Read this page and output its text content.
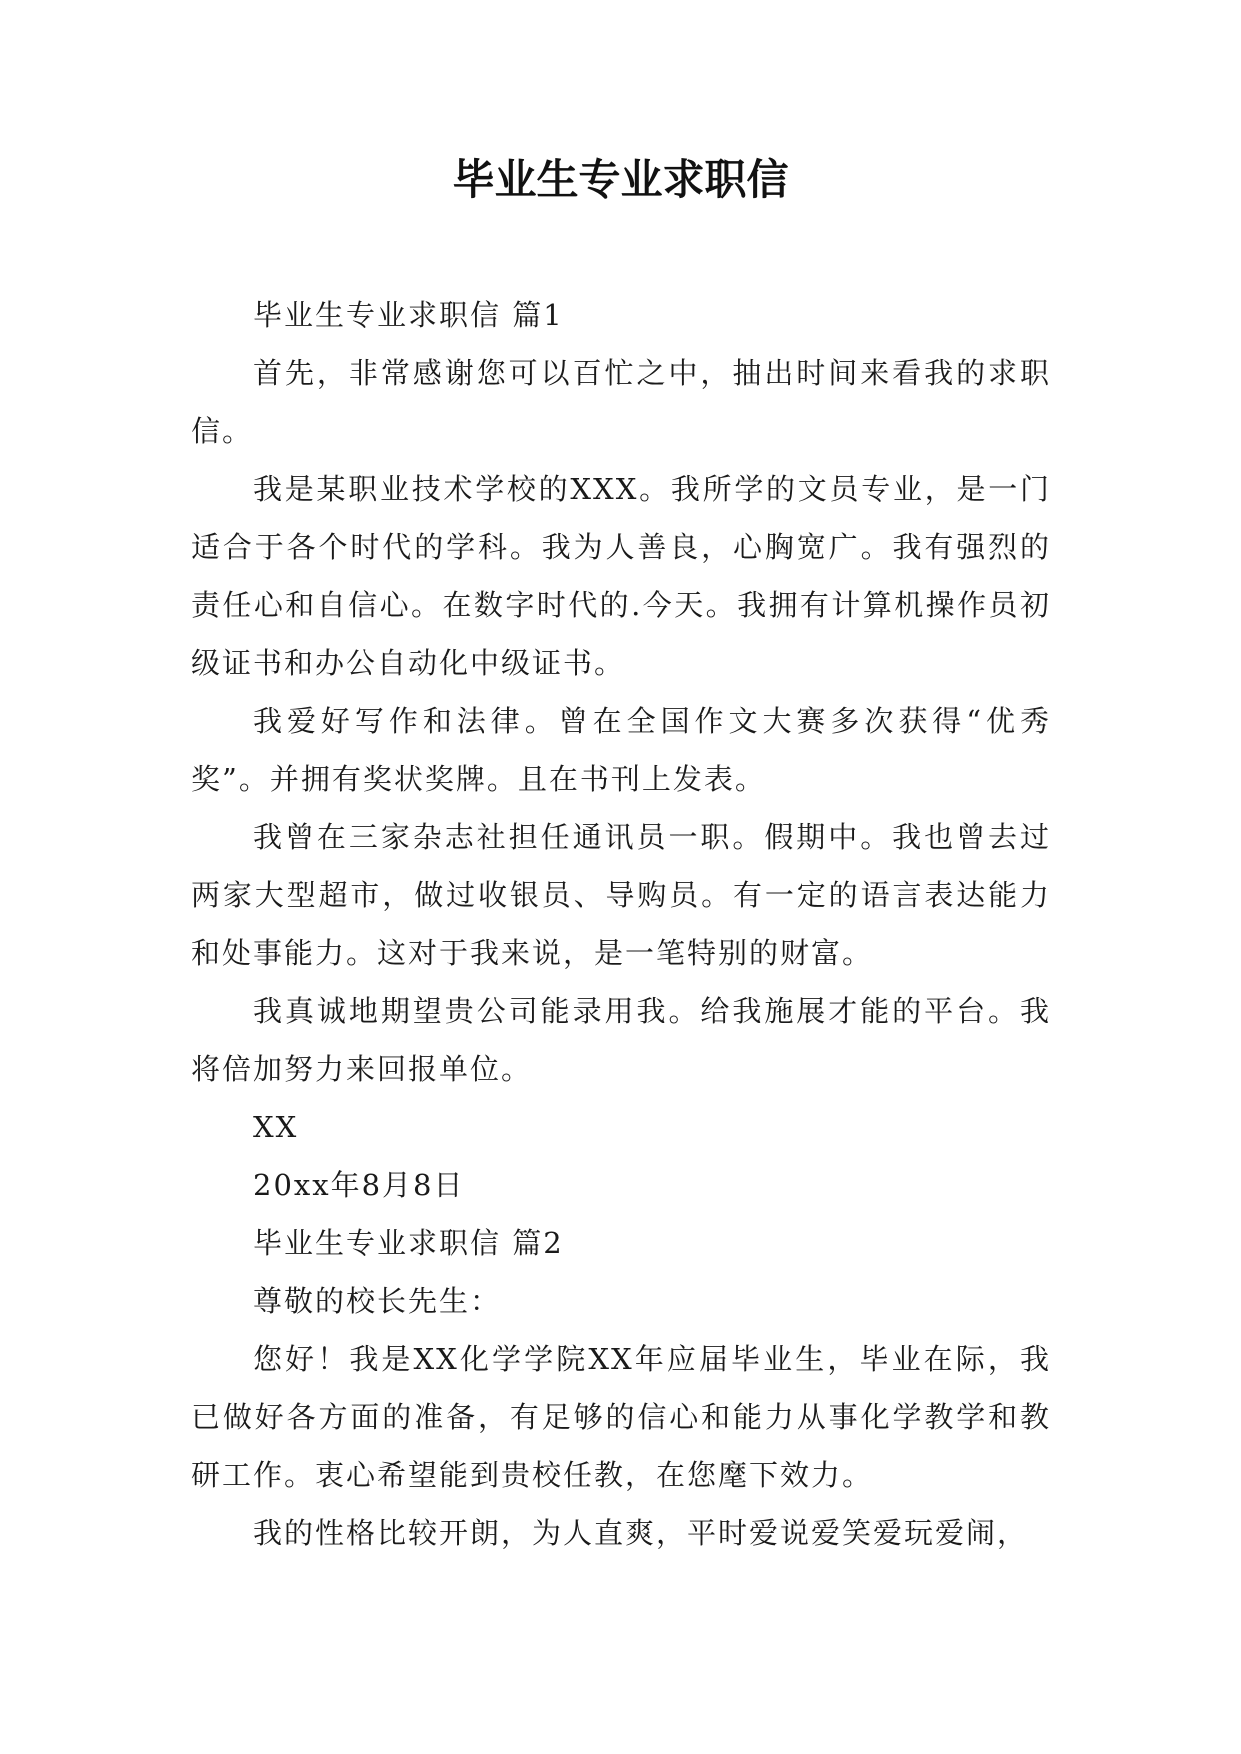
毕业生专业求职信

毕业生专业求职信 篇1

首先，非常感谢您可以百忙之中，抽出时间来看我的求职信。

我是某职业技术学校的XXX。我所学的文员专业，是一门适合于各个时代的学科。我为人善良，心胸宽广。我有强烈的责任心和自信心。在数字时代的.今天。我拥有计算机操作员初级证书和办公自动化中级证书。

我爱好写作和法律。曾在全国作文大赛多次获得“优秀奖”。并拥有奖状奖牌。且在书刊上发表。

我曾在三家杂志社担任通讯员一职。假期中。我也曾去过两家大型超市，做过收银员、导购员。有一定的语言表达能力和处事能力。这对于我来说，是一笔特别的财富。

我真诚地期望贵公司能录用我。给我施展才能的平台。我将倍加努力来回报单位。

XX

20xx年8月8日

毕业生专业求职信 篇2

尊敬的校长先生：

您好！我是XX化学学院XX年应届毕业生，毕业在际，我已做好各方面的准备，有足够的信心和能力从事化学教学和教研工作。衷心希望能到贵校任教，在您麾下效力。

我的性格比较开朗，为人直爽，平时爱说爱笑爱玩爱闹，
